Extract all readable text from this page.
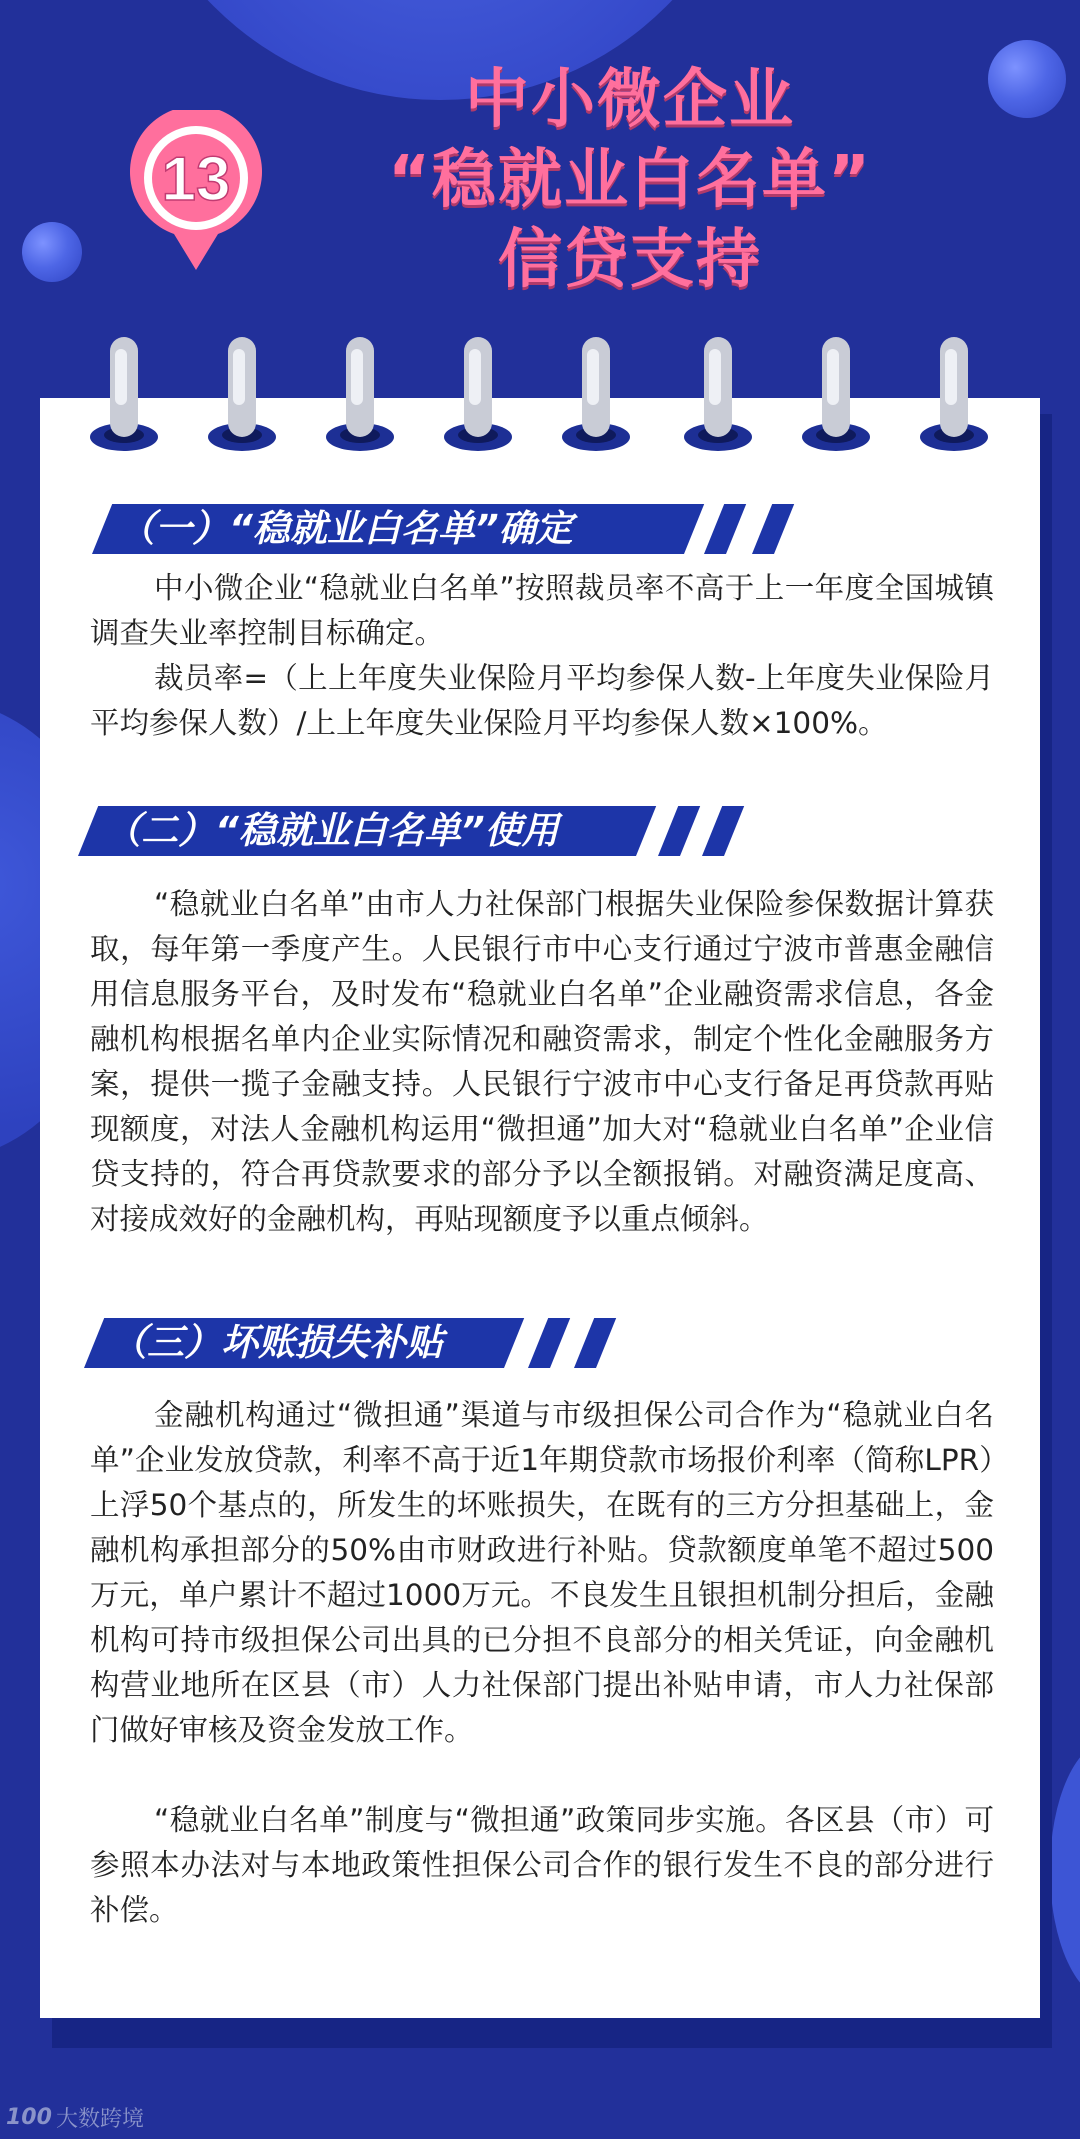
13
中小微企业
“稳就业白名单”
信贷支持
（一）“稳就业白名单”确定

中小微企业“稳就业白名单”按照裁员率不高于上一年度全国城镇调查失业率控制目标确定。

裁员率=（上上年度失业保险月平均参保人数-上年度失业保险月平均参保人数）/上上年度失业保险月平均参保人数×100%。

（二）“稳就业白名单”使用

“稳就业白名单”由市人力社保部门根据失业保险参保数据计算获取，每年第一季度产生。人民银行市中心支行通过宁波市普惠金融信用信息服务平台，及时发布“稳就业白名单”企业融资需求信息，各金融机构根据名单内企业实际情况和融资需求，制定个性化金融服务方案，提供一揽子金融支持。人民银行宁波市中心支行备足再贷款再贴现额度，对法人金融机构运用“微担通”加大对“稳就业白名单”企业信贷支持的，符合再贷款要求的部分予以全额报销。对融资满足度高、对接成效好的金融机构，再贴现额度予以重点倾斜。

（三）坏账损失补贴

金融机构通过“微担通”渠道与市级担保公司合作为“稳就业白名单”企业发放贷款，利率不高于近1年期贷款市场报价利率（简称LPR）上浮50个基点的，所发生的坏账损失，在既有的三方分担基础上，金融机构承担部分的50%由市财政进行补贴。贷款额度单笔不超过500万元，单户累计不超过1000万元。不良发生且银担机制分担后，金融机构可持市级担保公司出具的已分担不良部分的相关凭证，向金融机构营业地所在区县（市）人力社保部门提出补贴申请，市人力社保部门做好审核及资金发放工作。

“稳就业白名单”制度与“微担通”政策同步实施。各区县（市）可参照本办法对与本地政策性担保公司合作的银行发生不良的部分进行补偿。

100 大数跨境
